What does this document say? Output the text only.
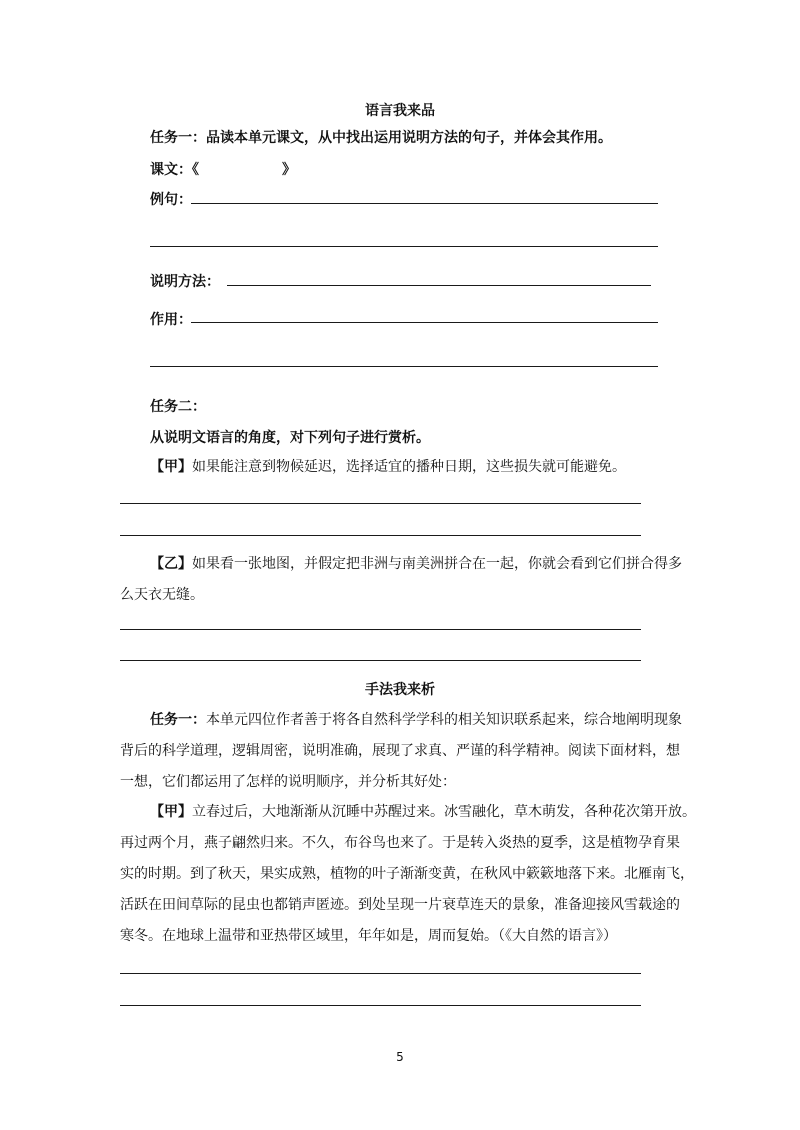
语言我来品
任务一：品读本单元课文，从中找出运用说明方法的句子，并体会其作用。
课文：《	》
例句：
说明方法：
作用：
任务二：
从说明文语言的角度，对下列句子进行赏析。
【甲】如果能注意到物候延迟，选择适宜的播种日期，这些损失就可能避免。
【乙】如果看一张地图，并假定把非洲与南美洲拼合在一起，你就会看到它们拼合得多
么天衣无缝。
手法我来析
任务一：本单元四位作者善于将各自然科学学科的相关知识联系起来，综合地阐明现象
背后的科学道理，逻辑周密，说明准确，展现了求真、严谨的科学精神。阅读下面材料，想
一想，它们都运用了怎样的说明顺序，并分析其好处：
【甲】立春过后，大地渐渐从沉睡中苏醒过来。冰雪融化，草木萌发，各种花次第开放。
再过两个月，燕子翩然归来。不久，布谷鸟也来了。于是转入炎热的夏季，这是植物孕育果
实的时期。到了秋天，果实成熟，植物的叶子渐渐变黄，在秋风中簌簌地落下来。北雁南飞，
活跃在田间草际的昆虫也都销声匿迹。到处呈现一片衰草连天的景象，准备迎接风雪载途的
寒冬。在地球上温带和亚热带区域里，年年如是，周而复始。（《大自然的语言》）
5
